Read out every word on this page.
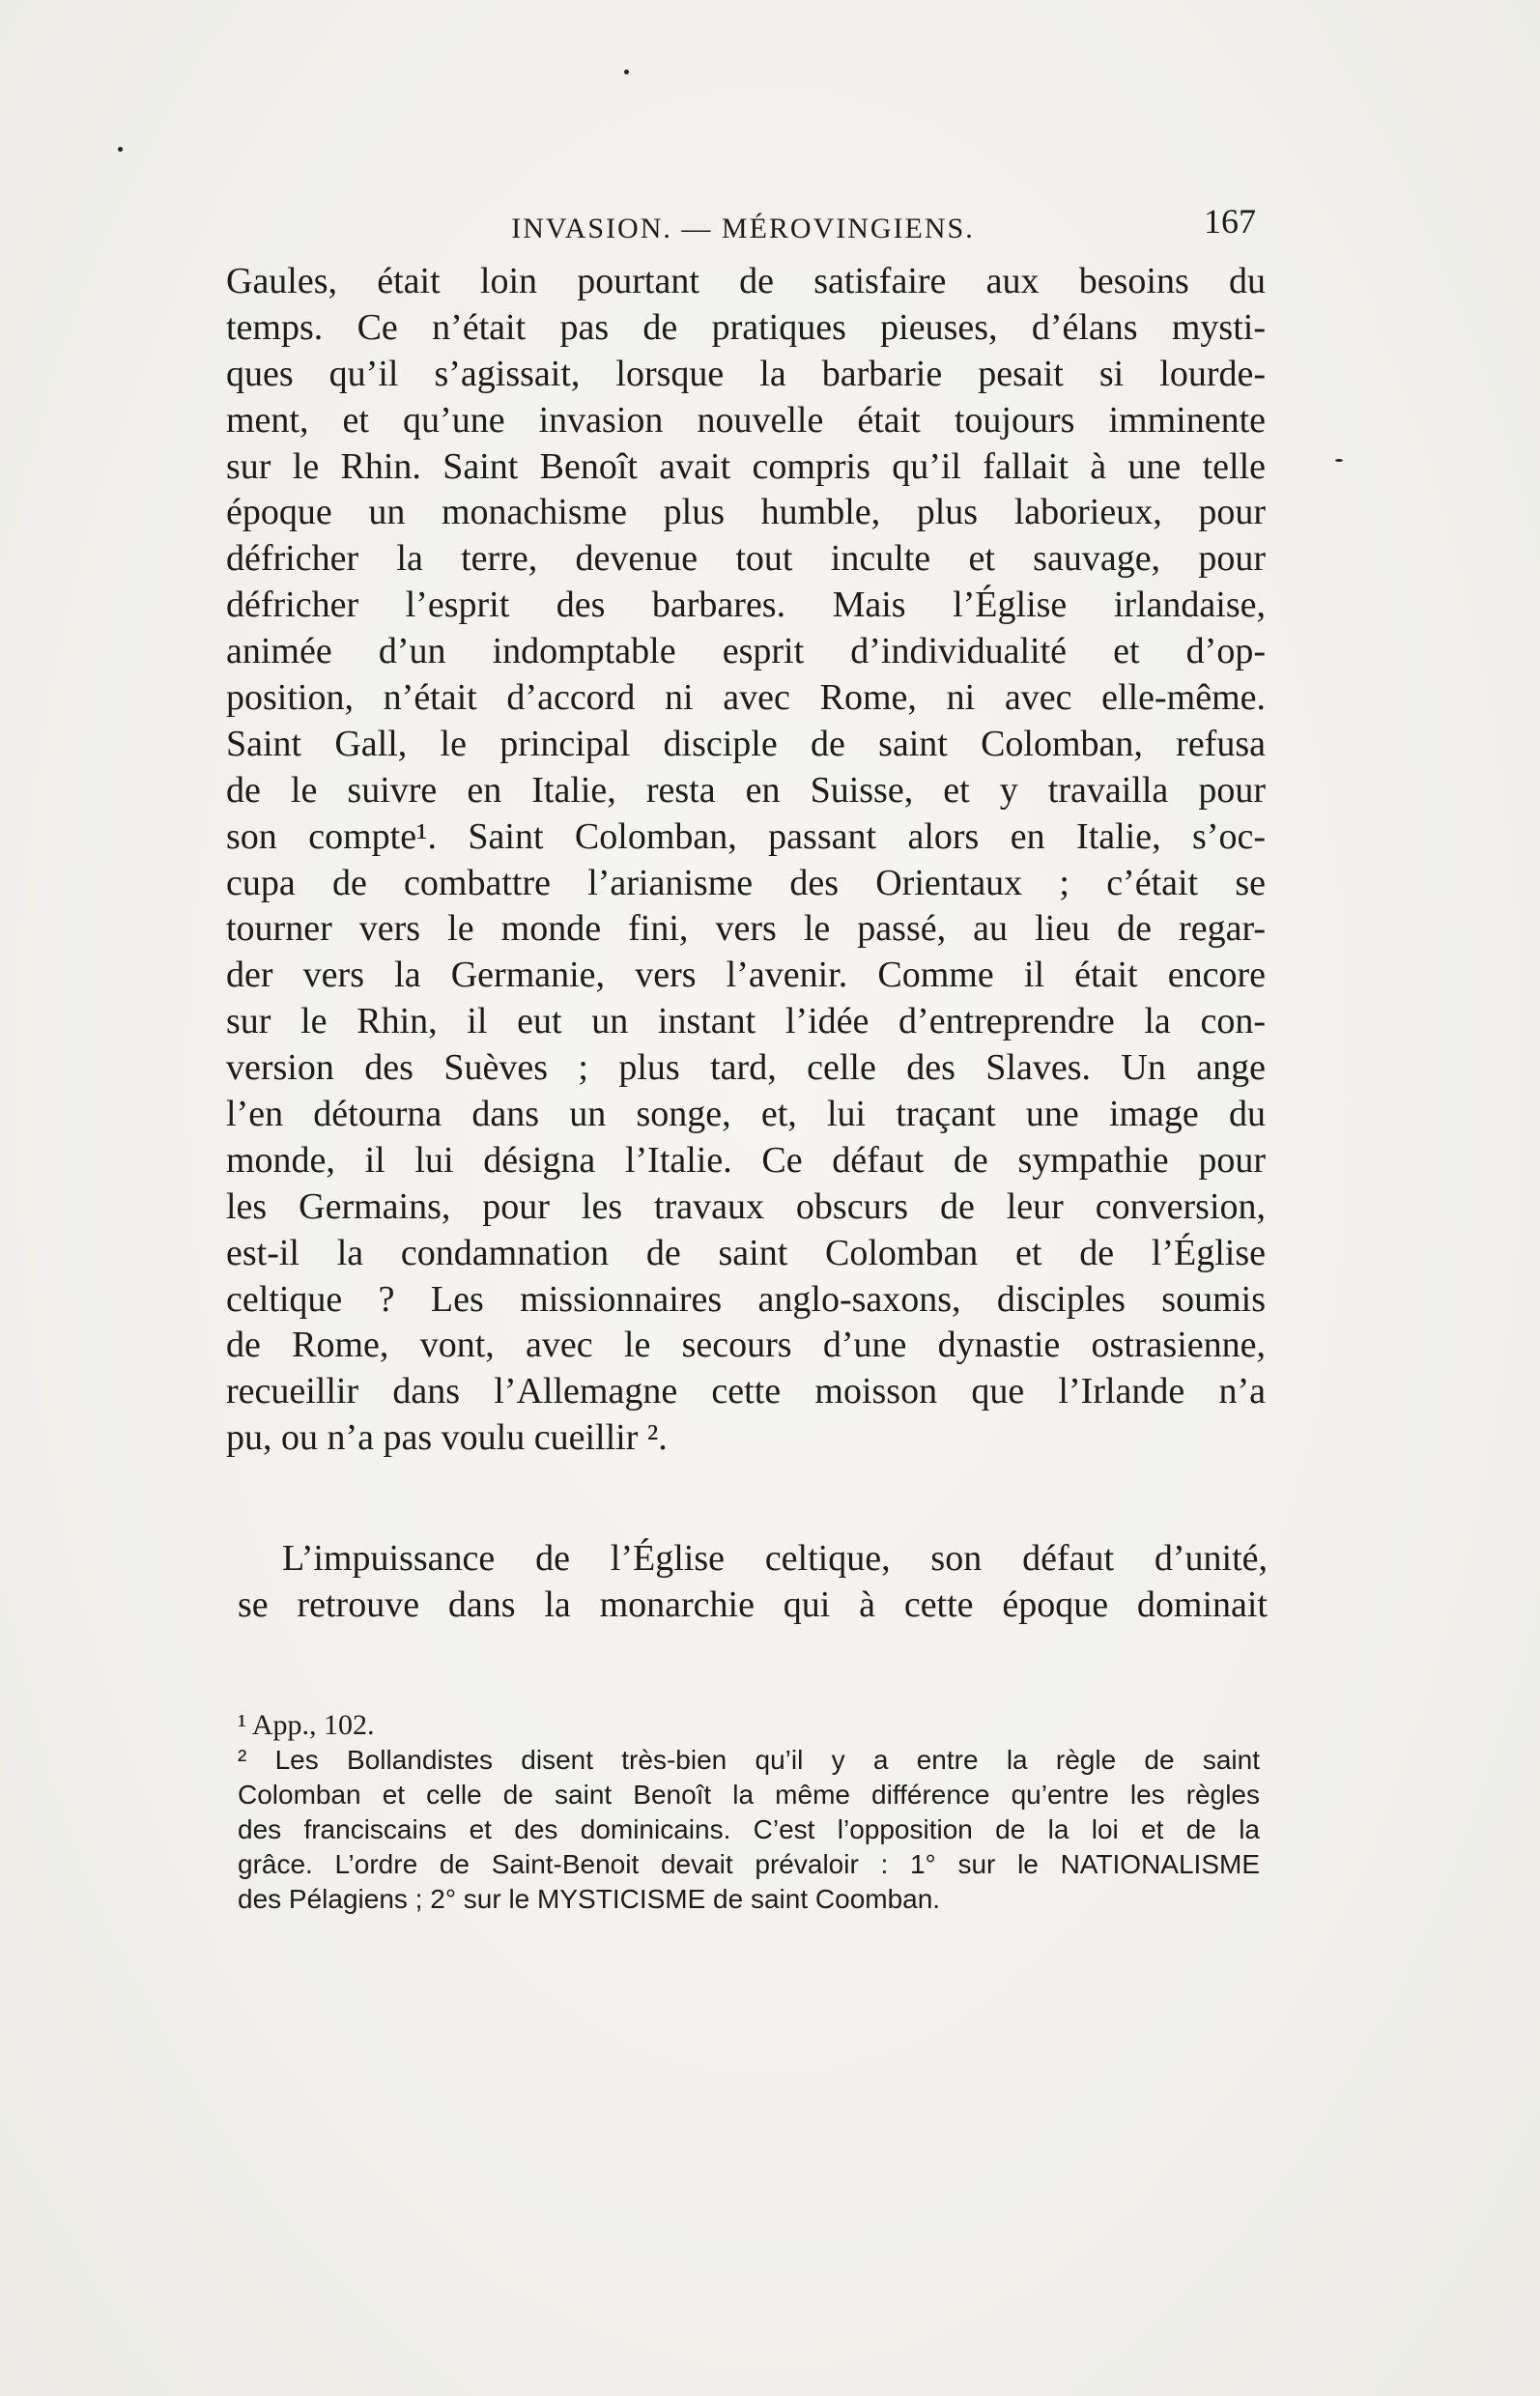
INVASION. — MÉROVINGIENS.	167
Gaules, était loin pourtant de satisfaire aux besoins du
temps. Ce n’était pas de pratiques pieuses, d’élans mysti-
ques qu’il s’agissait, lorsque la barbarie pesait si lourde-
ment, et qu’une invasion nouvelle était toujours imminente
sur le Rhin. Saint Benoît avait compris qu’il fallait à une telle
époque un monachisme plus humble, plus laborieux, pour
défricher la terre, devenue tout inculte et sauvage, pour
défricher l’esprit des barbares. Mais l’Église irlandaise,
animée d’un indomptable esprit d’individualité et d’op-
position, n’était d’accord ni avec Rome, ni avec elle-même.
Saint Gall, le principal disciple de saint Colomban, refusa
de le suivre en Italie, resta en Suisse, et y travailla pour
son compte¹. Saint Colomban, passant alors en Italie, s’oc-
cupa de combattre l’arianisme des Orientaux ; c’était se
tourner vers le monde fini, vers le passé, au lieu de regar-
der vers la Germanie, vers l’avenir. Comme il était encore
sur le Rhin, il eut un instant l’idée d’entreprendre la con-
version des Suèves ; plus tard, celle des Slaves. Un ange
l’en détourna dans un songe, et, lui traçant une image du
monde, il lui désigna l’Italie. Ce défaut de sympathie pour
les Germains, pour les travaux obscurs de leur conversion,
est-il la condamnation de saint Colomban et de l’Église
celtique ? Les missionnaires anglo-saxons, disciples soumis
de Rome, vont, avec le secours d’une dynastie ostrasienne,
recueillir dans l’Allemagne cette moisson que l’Irlande n’a
pu, ou n’a pas voulu cueillir ².
L’impuissance de l’Église celtique, son défaut d’unité,
se retrouve dans la monarchie qui à cette époque dominait
¹ App., 102.
² Les Bollandistes disent très-bien qu’il y a entre la règle de saint
Colomban et celle de saint Benoît la même différence qu’entre les règles
des franciscains et des dominicains. C’est l’opposition de la loi et de la
grâce. L’ordre de Saint-Benoit devait prévaloir : 1° sur le NATIONALISME
des Pélagiens ; 2° sur le MYSTICISME de saint Coomban.
